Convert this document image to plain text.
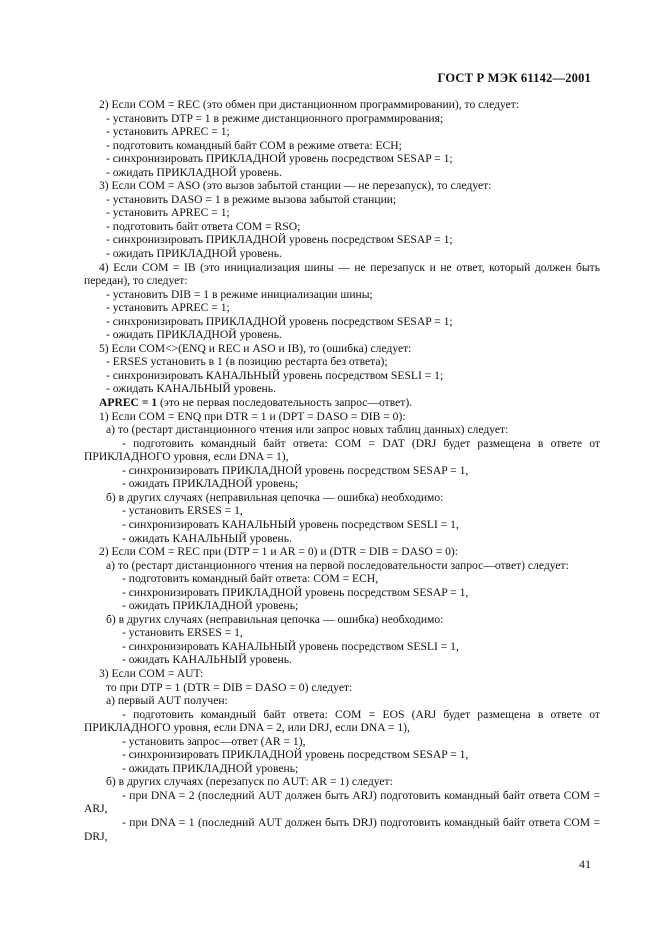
ГОСТ Р МЭК 61142—2001
2) Если COM = REC (это обмен при дистанционном программировании), то следует:
- установить DTP = 1 в режиме дистанционного программирования;
- установить APREC = 1;
- подготовить командный байт COM в режиме ответа: ECH;
- синхронизировать ПРИКЛАДНОЙ уровень посредством SESAP = 1;
- ожидать ПРИКЛАДНОЙ уровень.
3) Если COM = ASO (это вызов забытой станции — не перезапуск), то следует:
- установить DASO = 1 в режиме вызова забытой станции;
- установить APREC = 1;
- подготовить байт ответа COM = RSO;
- синхронизировать ПРИКЛАДНОЙ уровень посредством SESAP = 1;
- ожидать ПРИКЛАДНОЙ уровень.
4) Если COM = IB (это инициализация шины — не перезапуск и не ответ, который должен быть передан), то следует:
- установить DIB = 1 в режиме инициализации шины;
- установить APREC = 1;
- синхронизировать ПРИКЛАДНОЙ уровень посредством SESAP = 1;
- ожидать ПРИКЛАДНОЙ уровень.
5) Если COM<>(ENQ и REC и ASO и IB), то (ошибка) следует:
- ERSES установить в 1 (в позицию рестарта без ответа);
- синхронизировать КАНАЛЬНЫЙ уровень посредством SESLI = 1;
- ожидать КАНАЛЬНЫЙ уровень.
APREC = 1 (это не первая последовательность запрос—ответ).
1) Если COM = ENQ при DTR = 1 и (DPT = DASO = DIB = 0):
а) то (рестарт дистанционного чтения или запрос новых таблиц данных) следует:
- подготовить командный байт ответа: COM = DAT (DRJ будет размещена в ответе от ПРИКЛАДНОГО уровня, если DNA = 1),
- синхронизировать ПРИКЛАДНОЙ уровень посредством SESAP = 1,
- ожидать ПРИКЛАДНОЙ уровень;
б) в других случаях (неправильная цепочка — ошибка) необходимо:
- установить ERSES = 1,
- синхронизировать КАНАЛЬНЫЙ уровень посредством SESLI = 1,
- ожидать КАНАЛЬНЫЙ уровень.
2) Если COM = REC при (DTP = 1 и AR = 0) и (DTR = DIB = DASO = 0):
а) то (рестарт дистанционного чтения на первой последовательности запрос—ответ) следует:
- подготовить командный байт ответа: COM = ECH,
- синхронизировать ПРИКЛАДНОЙ уровень посредством SESAP = 1,
- ожидать ПРИКЛАДНОЙ уровень;
б) в других случаях (неправильная цепочка — ошибка) необходимо:
- установить ERSES = 1,
- синхронизировать КАНАЛЬНЫЙ уровень посредством SESLI = 1,
- ожидать КАНАЛЬНЫЙ уровень.
3) Если COM = AUT:
то при DTP = 1 (DTR = DIB = DASO = 0) следует:
а) первый AUT получен:
- подготовить командный байт ответа: COM = EOS (ARJ будет размещена в ответе от ПРИКЛАДНОГО уровня, если DNA = 2, или DRJ, если DNA = 1),
- установить запрос—ответ (AR = 1),
- синхронизировать ПРИКЛАДНОЙ уровень посредством SESAP = 1,
- ожидать ПРИКЛАДНОЙ уровень;
б) в других случаях (перезапуск по AUT: AR = 1) следует:
- при DNA = 2 (последний AUT должен быть ARJ) подготовить командный байт ответа COM = ARJ,
- при DNA = 1 (последний AUT должен быть DRJ) подготовить командный байт ответа COM = DRJ,
41
